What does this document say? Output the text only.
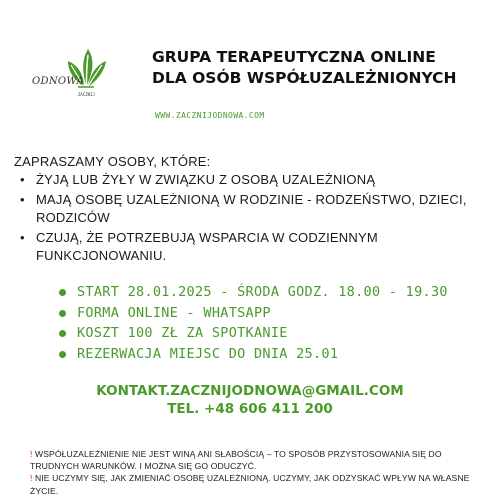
ODNOWA
ZACZNIJ
GRUPA TERAPEUTYCZNA ONLINE
DLA OSÓB WSPÓŁUZALEŻNIONYCH
WWW.ZACZNIJODNOWA.COM
ZAPRASZAMY OSOBY, KTÓRE:
• ŻYJĄ LUB ŻYŁY W ZWIĄZKU Z OSOBĄ UZALEŻNIONĄ
• MAJĄ OSOBĘ UZALEŻNIONĄ W RODZINIE - RODZEŃSTWO, DZIECI, RODZICÓW
• CZUJĄ, ŻE POTRZEBUJĄ WSPARCIA W CODZIENNYM FUNKCJONOWANIU.
START 28.01.2025 - ŚRODA GODZ. 18.00 - 19.30
FORMA ONLINE - WHATSAPP
KOSZT 100 ZŁ ZA SPOTKANIE
REZERWACJA MIEJSC DO DNIA 25.01
KONTAKT.ZACZNIJODNOWA@GMAIL.COM
TEL. +48 606 411 200

! WSPÓŁUZALEŻNIENIE NIE JEST WINĄ ANI SŁABOŚCIĄ – TO SPOSÓB PRZYSTOSOWANIA SIĘ DO TRUDNYCH WARUNKÓW. I MOŻNA SIĘ GO ODUCZYĆ.

! NIE UCZYMY SIĘ, JAK ZMIENIAĆ OSOBĘ UZALEŻNIONĄ. UCZYMY, JAK ODZYSKAĆ WPŁYW NA WŁASNE ŻYCIE.
